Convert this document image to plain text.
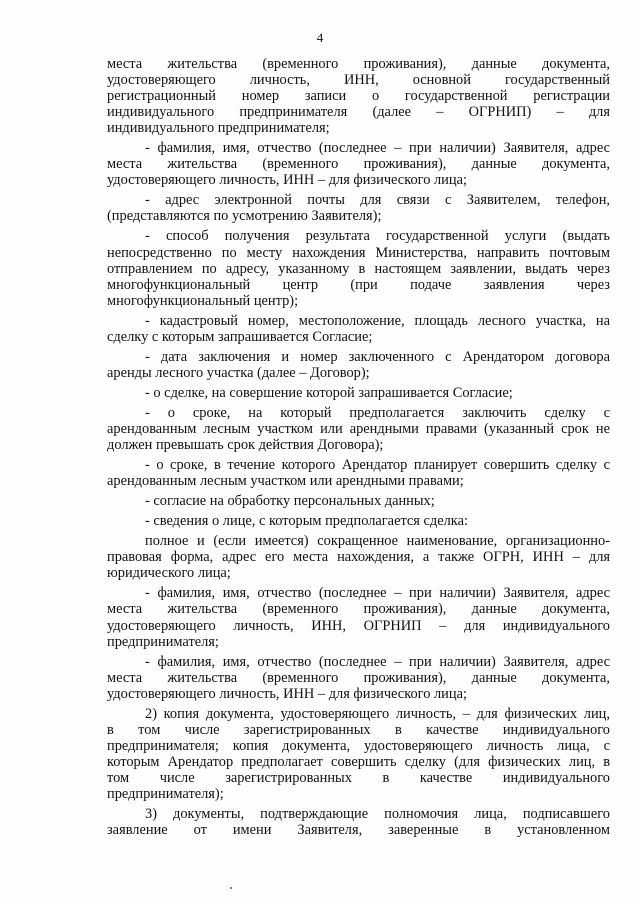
4
места жительства (временного проживания), данные документа,
удостоверяющего личность, ИНН, основной государственный
регистрационный номер записи о государственной регистрации
индивидуального предпринимателя (далее – ОГРНИП) – для
индивидуального предпринимателя;
- фамилия, имя, отчество (последнее – при наличии) Заявителя, адрес
места жительства (временного проживания), данные документа,
удостоверяющего личность, ИНН – для физического лица;
- адрес электронной почты для связи с Заявителем, телефон,
(представляются по усмотрению Заявителя);
- способ получения результата государственной услуги (выдать
непосредственно по месту нахождения Министерства, направить почтовым
отправлением по адресу, указанному в настоящем заявлении, выдать через
многофункциональный центр (при подаче заявления через
многофункциональный центр);
- кадастровый номер, местоположение, площадь лесного участка, на
сделку с которым запрашивается Согласие;
- дата заключения и номер заключенного с Арендатором договора
аренды лесного участка (далее – Договор);
- о сделке, на совершение которой запрашивается Согласие;
- о сроке, на который предполагается заключить сделку с
арендованным лесным участком или арендными правами (указанный срок не
должен превышать срок действия Договора);
- о сроке, в течение которого Арендатор планирует совершить сделку с
арендованным лесным участком или арендными правами;
- согласие на обработку персональных данных;
- сведения о лице, с которым предполагается сделка:
полное и (если имеется) сокращенное наименование, организационно-
правовая форма, адрес его места нахождения, а также ОГРН, ИНН – для
юридического лица;
- фамилия, имя, отчество (последнее – при наличии) Заявителя, адрес
места жительства (временного проживания), данные документа,
удостоверяющего личность, ИНН, ОГРНИП – для индивидуального
предпринимателя;
- фамилия, имя, отчество (последнее – при наличии) Заявителя, адрес
места жительства (временного проживания), данные документа,
удостоверяющего личность, ИНН – для физического лица;
2) копия документа, удостоверяющего личность, – для физических лиц,
в том числе зарегистрированных в качестве индивидуального
предпринимателя; копия документа, удостоверяющего личность лица, с
которым Арендатор предполагает совершить сделку (для физических лиц, в
том числе зарегистрированных в качестве индивидуального
предпринимателя);
3) документы, подтверждающие полномочия лица, подписавшего
заявление от имени Заявителя, заверенные в установленном
